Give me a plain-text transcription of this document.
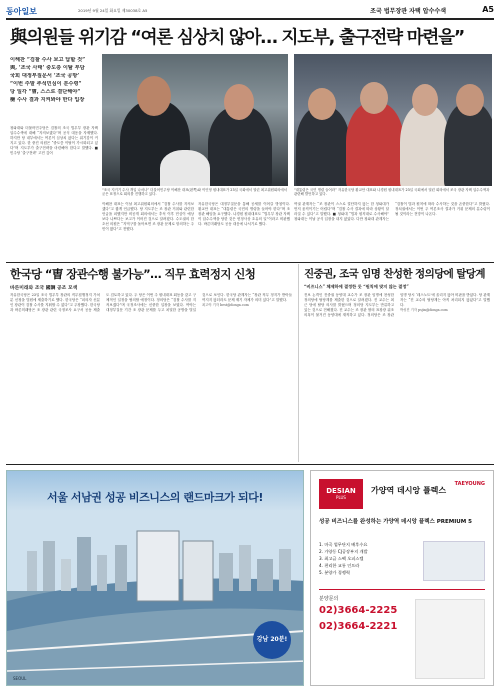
동아일보	2019년 9월 24일 화요일 제30038호 A5	조국 법무장관 자택 압수수색	A5
與의원들 위기감 “여론 심상치 않아… 지도부, 출구전략 마련을”
이해찬 “검찰 수사 보고 답할 것”
與, ‘조국 사태’ 중도층 이탈 부담
국회 대정부질문서 ‘조국 공방’
“이번 주말 추석민심이 분수령”
당 일각 “曺, 스스로 결단해야”
檢 수사 결과 지켜봐야 한다 입장
“조국 지키기 수사 개입 나서나” 더불어민주당 이해찬 대표(왼쪽)와 이인영 원내대표가 23일 국회에서 열린 최고위원회의에서 굳은 표정으로 회의를 진행하고 있다.
“대통령은 국민 명령 들어라” 자유한국당 황교안 대표와 나경원 원내대표가 23일 국회에서 열린 회의에서 조국 장관 자택 압수수색과 관련해 발언하고 있다.

청와대와 더불어민주당은 검찰의 조국 법무부 장관 자택 압수수색에 대해 “지켜보겠다”며 공식 대응을 자제했다. 하지만 당 내부에서는 여론이 심상치 않다는 위기감이 커지고 있다. 한 중진 의원은 “중도층 이탈이 가시화되고 있다”며 지도부가 출구전략을 마련해야 한다고 말했다. ■ 민주당 ‘출구전략’ 고민 깊어

이해찬 대표는 이날 최고위원회의에서 “검찰 수사를 지켜보겠다”고 짧게 언급했다. 당 지도부는 조 장관 거취와 관련한 언급을 피했지만 비공개 회의에서는 추석 이후 민심이 예상보다 나쁘다는 보고가 이어진 것으로 알려졌다. 수도권의 한 초선 의원은 “지역구를 돌아보면 조 장관 문제로 항의하는 주민이 많다”고 전했다.

자유한국당은 대정부질문을 통해 공세를 이어갈 방침이다. 황교안 대표는 “대통령은 국민의 명령을 들어야 한다”며 조 장관 해임을 요구했다. 나경원 원내대표도 “법무부 장관 자택이 압수수색을 당한 것은 헌정사상 초유의 일”이라고 비판했다. 바른미래당도 공동 대응에 나서기로 했다.

여권 관계자는 “조 장관이 스스로 결단하지 않는 한 청와대가 먼저 움직이기는 어렵다”며 “검찰 수사 결과에 따라 상황이 달라질 수 있다”고 말했다. ■ 청와대 “법과 원칙대로 수사해야” 청와대는 이날 공식 입장을 내지 않았다. 다만 청와대 관계자는 “검찰이 법과 원칙에 따라 수사하는 것을 존중한다”고 밝혔다. 정치권에서는 이번 주 여론조사 결과가 거취 문제의 분수령이 될 것이라는 전망이 나온다.

한국당 “曺 장관수행 불가능”… 직무 효력정지 신청
바른미래와 조국 國調 공조 모색

자유한국당은 23일 조국 법무부 장관의 직무집행정지 가처분 신청을 법원에 제출하기로 했다. 한국당은 “피의자 신분인 장관이 검찰 수사를 지휘할 수 없다”고 주장했다. 한국당과 바른미래당은 조 장관 관련 국정조사 요구서 공동 제출도 검토하고 있다. 두 당은 이번 주 원내대표 회동을 갖고 구체적인 일정을 협의할 예정이다. 정의당은 “검찰 수사를 지켜보겠다”며 국정조사에는 신중한 입장을 보였다. 여야는 대정부질문 기간 조 장관 문제를 두고 치열한 공방을 벌일 것으로 보인다. 한국당 관계자는 “장관 직무 정지가 받아들여지지 않더라도 문제 제기 자체가 의미 있다”고 말했다.

최고야 기자 best@donga.com

진중권, 조국 임명 찬성한 정의당에 탈당계
“비즈니스” 체제하에 결정한 듯 “원칙에 맞지 않는 결정”

진보 논객인 진중권 동양대 교수가 조 장관 임명에 찬성한 정의당에 탈당계를 제출한 것으로 알려졌다. 진 교수는 최근 당에 탈당 의사를 밝혔으며 정의당 지도부는 만류하고 있는 것으로 전해졌다. 진 교수는 조 장관 딸의 표창장 위조 의혹이 불거진 동양대에 재직하고 있다. 정의당은 조 장관 임명 당시 ‘데스노트’에 올리지 않아 비판을 받았다. 당 관계자는 “진 교수의 탈당계는 아직 처리되지 않았다”고 말했다.

박성진 기자 psjin@donga.com

서울 서남권 성공 비즈니스의 랜드마크가 되다!
강남 20분!
SEOUL
DESIAN
PLUS
TAEYOUNG
가양역 데시앙 플렉스
성공 비즈니스를 완성하는 가양역 데시앙 플렉스 PREMIUM 5
1. 마곡 업무단지 배후수요
2. 가양동 CJ공장부지 개발
3. 최고급 스펙 오피스텔
4. 편리한 교통 인프라
5. 분양가 경쟁력
분양문의
02)3664-2225
02)3664-2221
